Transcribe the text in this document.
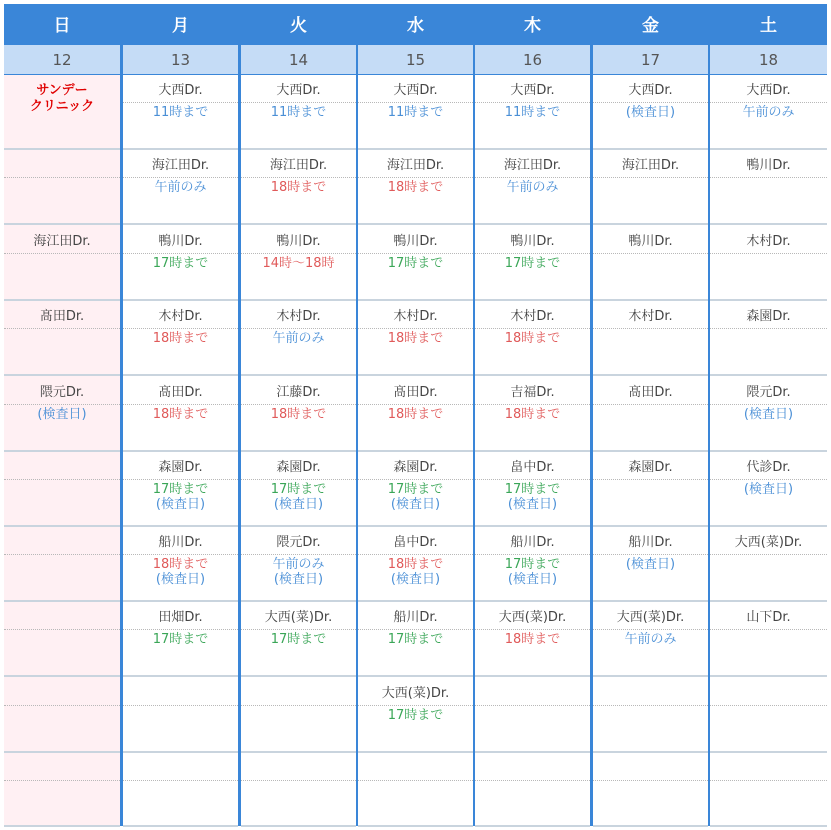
日
12
サンデー
クリニック
海江田Dr.
髙田Dr.
隈元Dr.
(検査日)
月
13
大西Dr.
11時まで
海江田Dr.
午前のみ
鴨川Dr.
17時まで
木村Dr.
18時まで
髙田Dr.
18時まで
森園Dr.
17時まで
(検査日)
船川Dr.
18時まで
(検査日)
田畑Dr.
17時まで
火
14
大西Dr.
11時まで
海江田Dr.
18時まで
鴨川Dr.
14時～18時
木村Dr.
午前のみ
江藤Dr.
18時まで
森園Dr.
17時まで
(検査日)
隈元Dr.
午前のみ
(検査日)
大西(菜)Dr.
17時まで
水
15
大西Dr.
11時まで
海江田Dr.
18時まで
鴨川Dr.
17時まで
木村Dr.
18時まで
髙田Dr.
18時まで
森園Dr.
17時まで
(検査日)
畠中Dr.
18時まで
(検査日)
船川Dr.
17時まで
大西(菜)Dr.
17時まで
木
16
大西Dr.
11時まで
海江田Dr.
午前のみ
鴨川Dr.
17時まで
木村Dr.
18時まで
吉福Dr.
18時まで
畠中Dr.
17時まで
(検査日)
船川Dr.
17時まで
(検査日)
大西(菜)Dr.
18時まで
金
17
大西Dr.
(検査日)
海江田Dr.
鴨川Dr.
木村Dr.
髙田Dr.
森園Dr.
船川Dr.
(検査日)
大西(菜)Dr.
午前のみ
土
18
大西Dr.
午前のみ
鴨川Dr.
木村Dr.
森園Dr.
隈元Dr.
(検査日)
代診Dr.
(検査日)
大西(菜)Dr.
山下Dr.
